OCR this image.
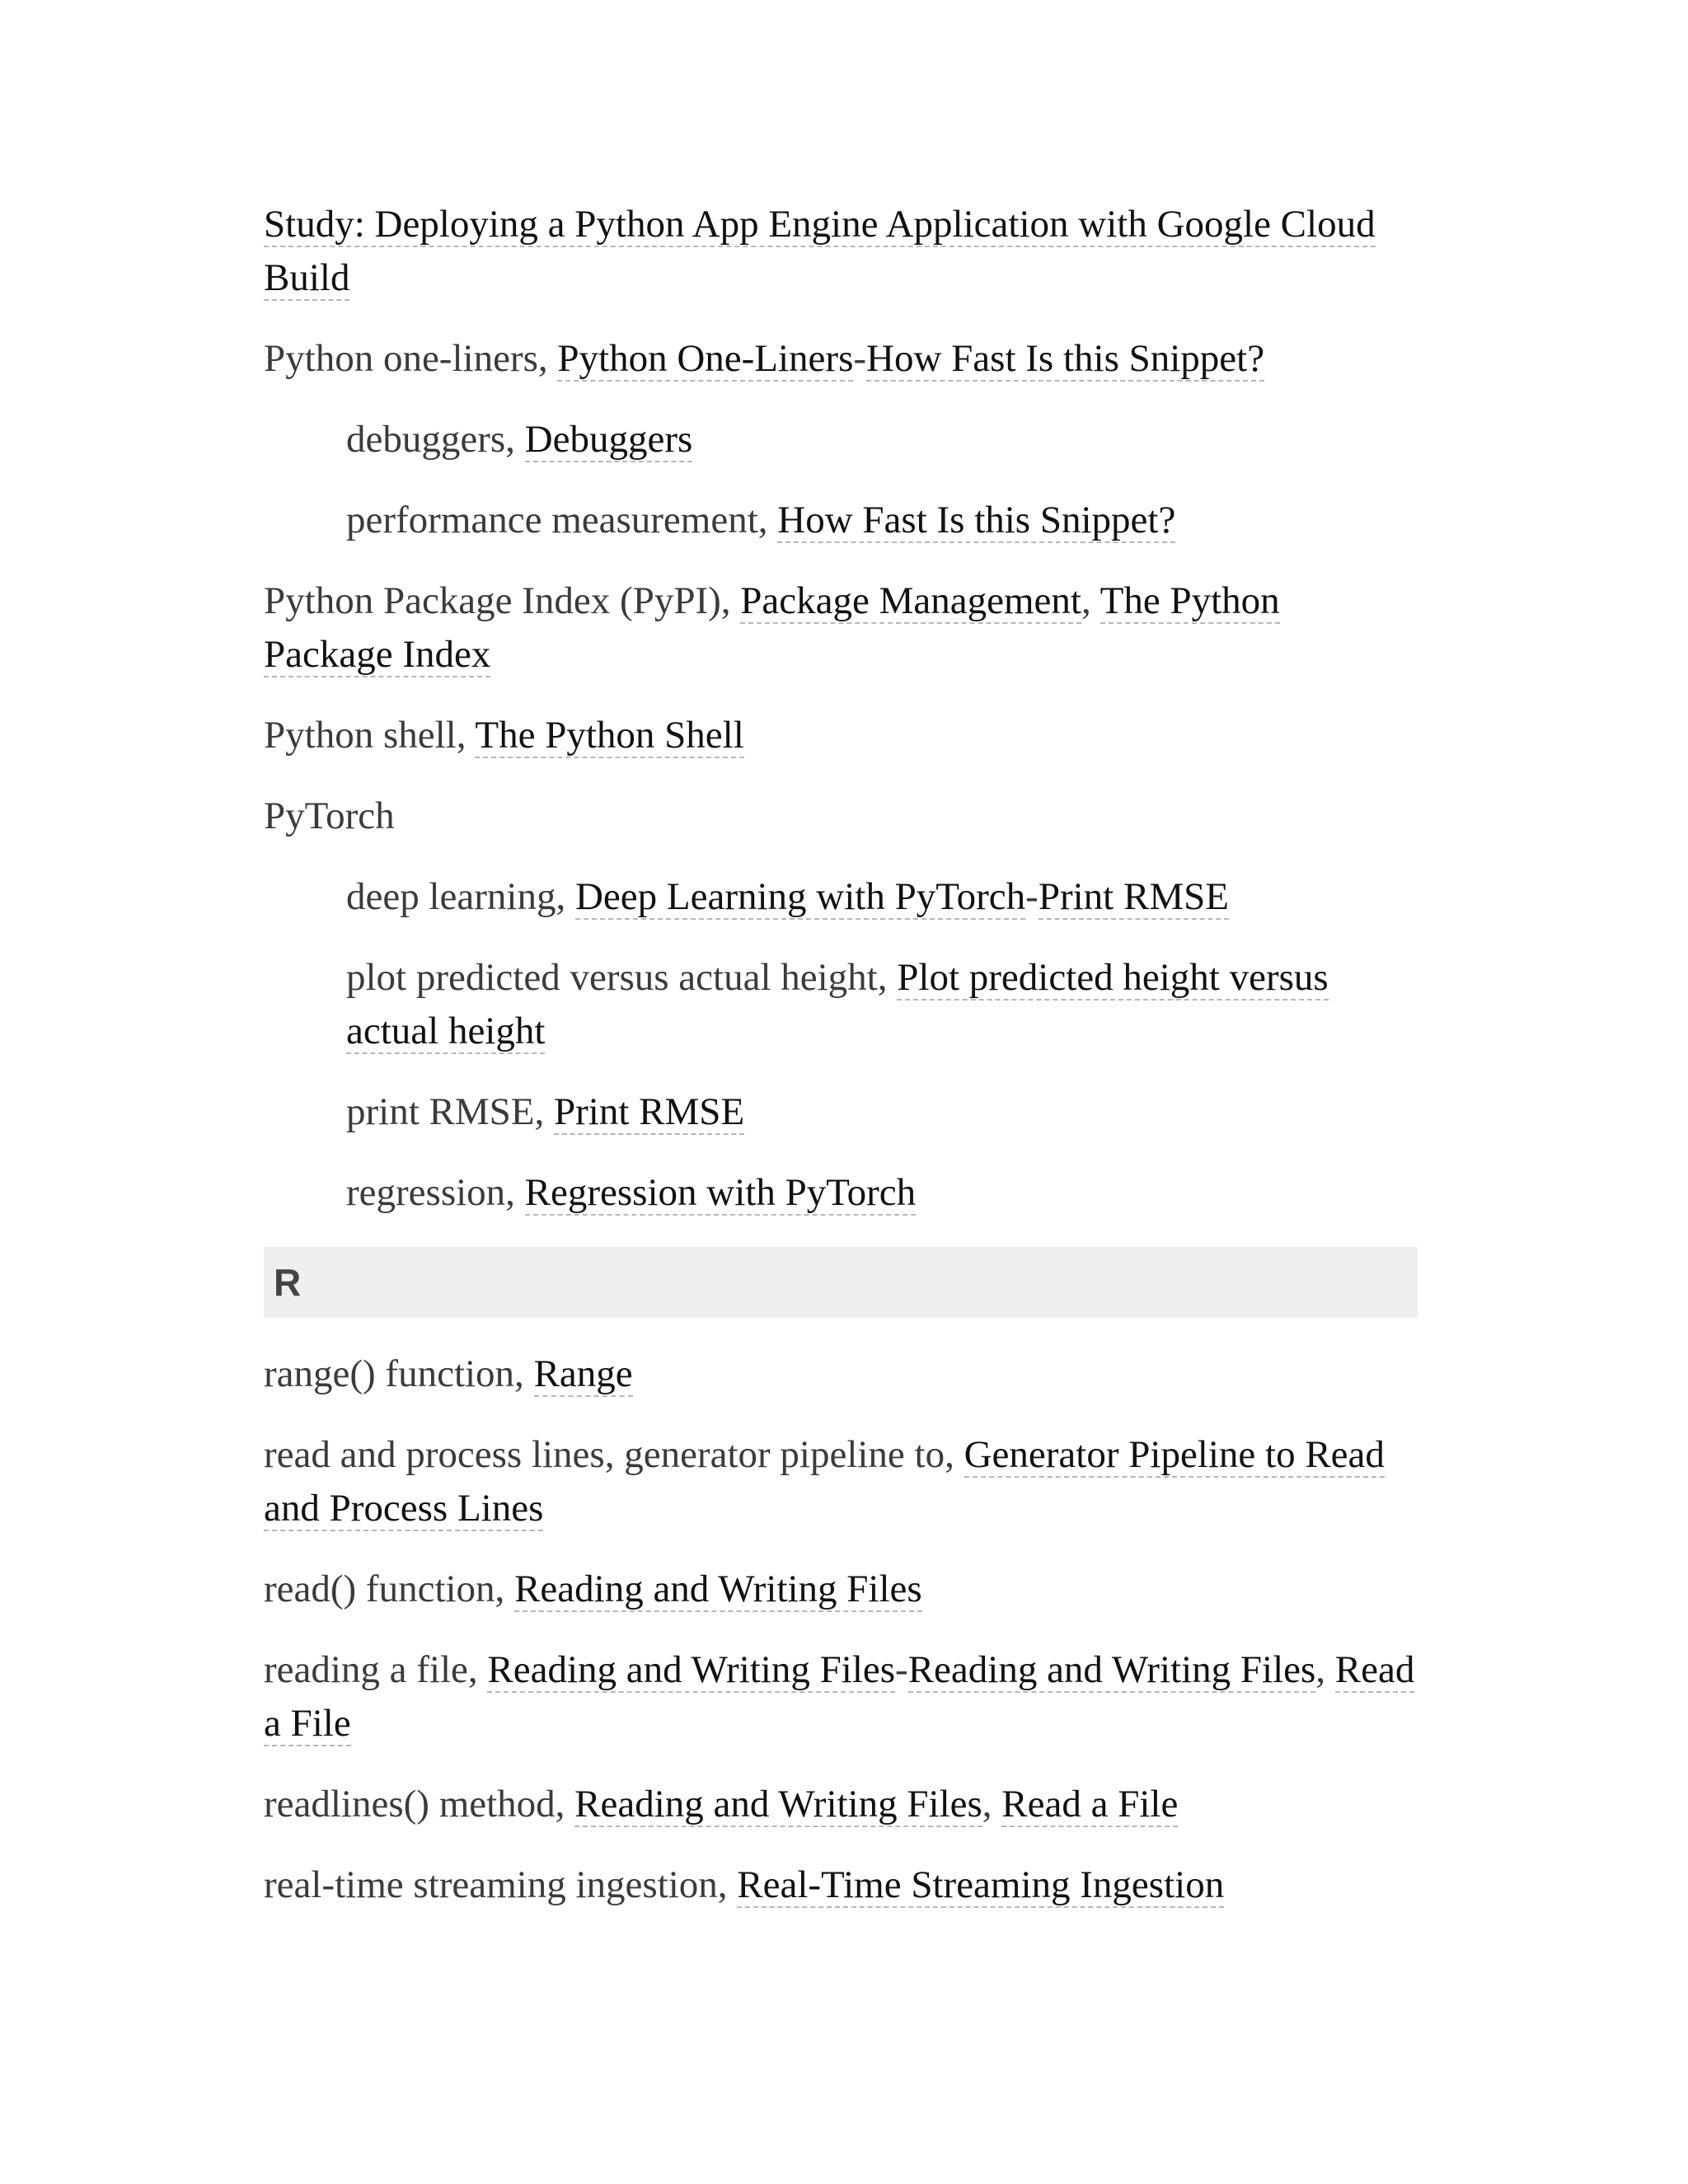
Study: Deploying a Python App Engine Application with Google Cloud Build

Python one-liners, Python One-Liners-How Fast Is this Snippet?

debuggers, Debuggers

performance measurement, How Fast Is this Snippet?

Python Package Index (PyPI), Package Management, The Python Package Index

Python shell, The Python Shell

PyTorch

deep learning, Deep Learning with PyTorch-Print RMSE

plot predicted versus actual height, Plot predicted height versus actual height

print RMSE, Print RMSE

regression, Regression with PyTorch

R

range() function, Range

read and process lines, generator pipeline to, Generator Pipeline to Read and Process Lines

read() function, Reading and Writing Files

reading a file, Reading and Writing Files-Reading and Writing Files, Read a File

readlines() method, Reading and Writing Files, Read a File

real-time streaming ingestion, Real-Time Streaming Ingestion
